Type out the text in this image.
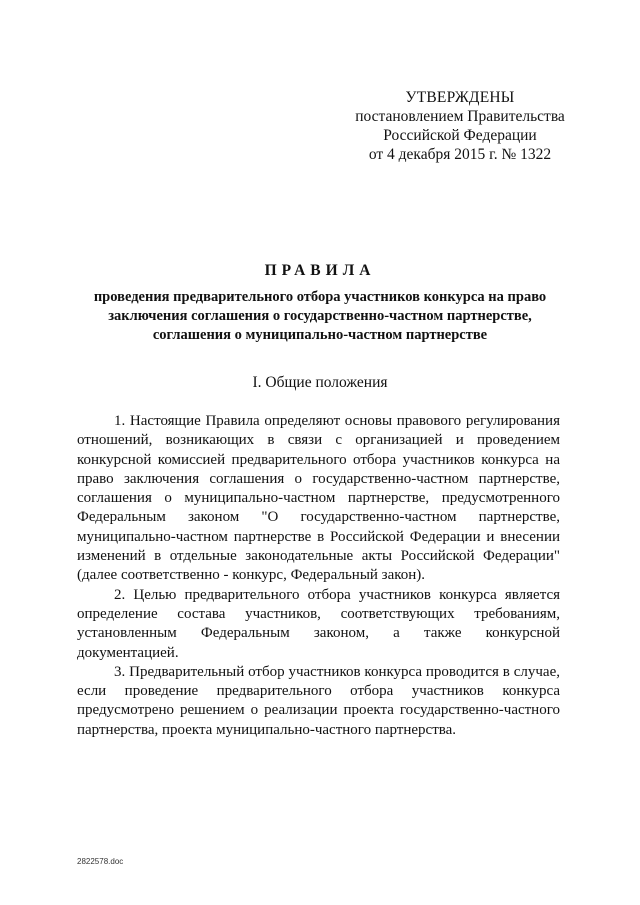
УТВЕРЖДЕНЫ
постановлением Правительства
Российской Федерации
от 4 декабря 2015 г. № 1322
ПРАВИЛА
проведения предварительного отбора участников конкурса на право
заключения соглашения о государственно-частном партнерстве,
соглашения о муниципально-частном партнерстве
I. Общие положения

1. Настоящие Правила определяют основы правового регулирования отношений, возникающих в связи с организацией и проведением конкурсной комиссией предварительного отбора участников конкурса на право заключения соглашения о государственно-частном партнерстве, соглашения о муниципально-частном партнерстве, предусмотренного Федеральным законом "О государственно-частном партнерстве, муниципально-частном партнерстве в Российской Федерации и внесении изменений в отдельные законодательные акты Российской Федерации" (далее соответственно - конкурс, Федеральный закон).

2. Целью предварительного отбора участников конкурса является определение состава участников, соответствующих требованиям, установленным Федеральным законом, а также конкурсной документацией.

3. Предварительный отбор участников конкурса проводится в случае, если проведение предварительного отбора участников конкурса предусмотрено решением о реализации проекта государственно-частного партнерства, проекта муниципально-частного партнерства.

2822578.doc
